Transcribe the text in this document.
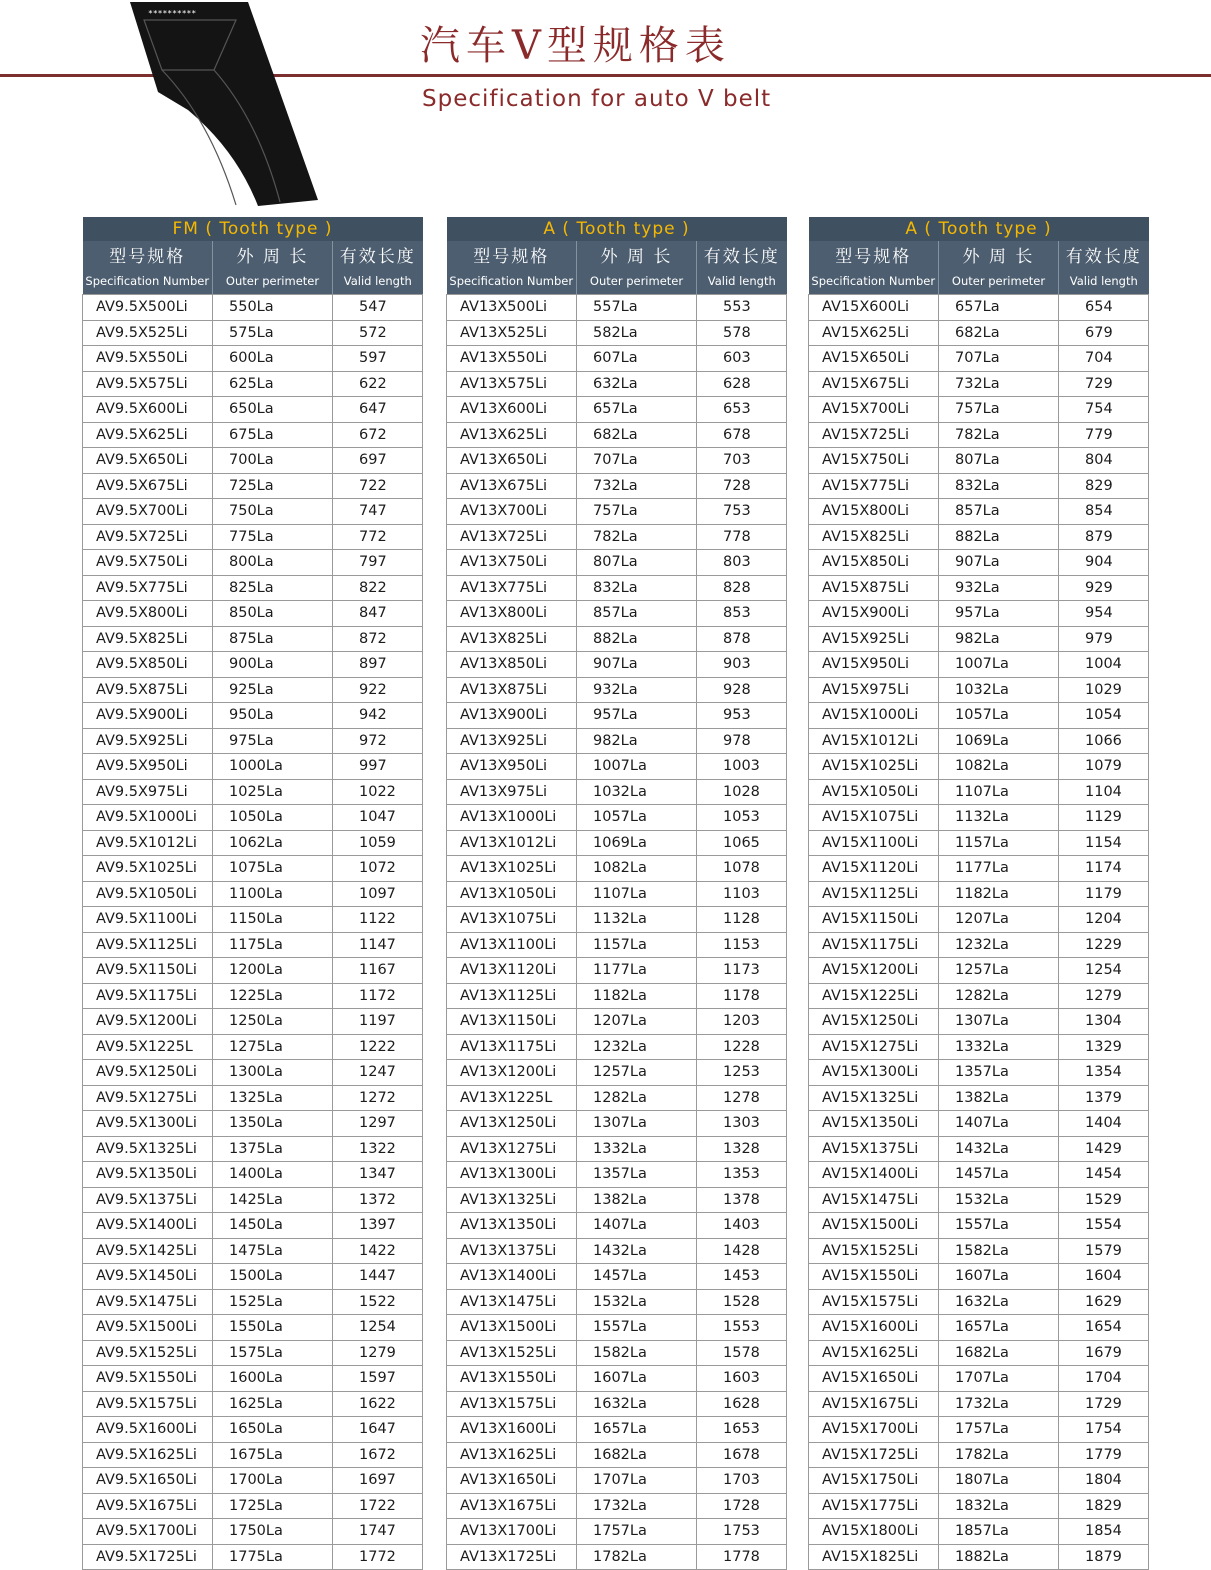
**********
汽车V型规格表
Specification for auto V belt
FM ( Tooth type )		
型号规格	外 周 长	有效长度
Specification Number	Outer perimeter	Valid length
AV9.5X500Li	550La	547
AV9.5X525Li	575La	572
AV9.5X550Li	600La	597
AV9.5X575Li	625La	622
AV9.5X600Li	650La	647
AV9.5X625Li	675La	672
AV9.5X650Li	700La	697
AV9.5X675Li	725La	722
AV9.5X700Li	750La	747
AV9.5X725Li	775La	772
AV9.5X750Li	800La	797
AV9.5X775Li	825La	822
AV9.5X800Li	850La	847
AV9.5X825Li	875La	872
AV9.5X850Li	900La	897
AV9.5X875Li	925La	922
AV9.5X900Li	950La	942
AV9.5X925Li	975La	972
AV9.5X950Li	1000La	997
AV9.5X975Li	1025La	1022
AV9.5X1000Li	1050La	1047
AV9.5X1012Li	1062La	1059
AV9.5X1025Li	1075La	1072
AV9.5X1050Li	1100La	1097
AV9.5X1100Li	1150La	1122
AV9.5X1125Li	1175La	1147
AV9.5X1150Li	1200La	1167
AV9.5X1175Li	1225La	1172
AV9.5X1200Li	1250La	1197
AV9.5X1225L	1275La	1222
AV9.5X1250Li	1300La	1247
AV9.5X1275Li	1325La	1272
AV9.5X1300Li	1350La	1297
AV9.5X1325Li	1375La	1322
AV9.5X1350Li	1400La	1347
AV9.5X1375Li	1425La	1372
AV9.5X1400Li	1450La	1397
AV9.5X1425Li	1475La	1422
AV9.5X1450Li	1500La	1447
AV9.5X1475Li	1525La	1522
AV9.5X1500Li	1550La	1254
AV9.5X1525Li	1575La	1279
AV9.5X1550Li	1600La	1597
AV9.5X1575Li	1625La	1622
AV9.5X1600Li	1650La	1647
AV9.5X1625Li	1675La	1672
AV9.5X1650Li	1700La	1697
AV9.5X1675Li	1725La	1722
AV9.5X1700Li	1750La	1747
AV9.5X1725Li	1775La	1772
A ( Tooth type )		
型号规格	外 周 长	有效长度
Specification Number	Outer perimeter	Valid length
AV13X500Li	557La	553
AV13X525Li	582La	578
AV13X550Li	607La	603
AV13X575Li	632La	628
AV13X600Li	657La	653
AV13X625Li	682La	678
AV13X650Li	707La	703
AV13X675Li	732La	728
AV13X700Li	757La	753
AV13X725Li	782La	778
AV13X750Li	807La	803
AV13X775Li	832La	828
AV13X800Li	857La	853
AV13X825Li	882La	878
AV13X850Li	907La	903
AV13X875Li	932La	928
AV13X900Li	957La	953
AV13X925Li	982La	978
AV13X950Li	1007La	1003
AV13X975Li	1032La	1028
AV13X1000Li	1057La	1053
AV13X1012Li	1069La	1065
AV13X1025Li	1082La	1078
AV13X1050Li	1107La	1103
AV13X1075Li	1132La	1128
AV13X1100Li	1157La	1153
AV13X1120Li	1177La	1173
AV13X1125Li	1182La	1178
AV13X1150Li	1207La	1203
AV13X1175Li	1232La	1228
AV13X1200Li	1257La	1253
AV13X1225L	1282La	1278
AV13X1250Li	1307La	1303
AV13X1275Li	1332La	1328
AV13X1300Li	1357La	1353
AV13X1325Li	1382La	1378
AV13X1350Li	1407La	1403
AV13X1375Li	1432La	1428
AV13X1400Li	1457La	1453
AV13X1475Li	1532La	1528
AV13X1500Li	1557La	1553
AV13X1525Li	1582La	1578
AV13X1550Li	1607La	1603
AV13X1575Li	1632La	1628
AV13X1600Li	1657La	1653
AV13X1625Li	1682La	1678
AV13X1650Li	1707La	1703
AV13X1675Li	1732La	1728
AV13X1700Li	1757La	1753
AV13X1725Li	1782La	1778
A ( Tooth type )		
型号规格	外 周 长	有效长度
Specification Number	Outer perimeter	Valid length
AV15X600Li	657La	654
AV15X625Li	682La	679
AV15X650Li	707La	704
AV15X675Li	732La	729
AV15X700Li	757La	754
AV15X725Li	782La	779
AV15X750Li	807La	804
AV15X775Li	832La	829
AV15X800Li	857La	854
AV15X825Li	882La	879
AV15X850Li	907La	904
AV15X875Li	932La	929
AV15X900Li	957La	954
AV15X925Li	982La	979
AV15X950Li	1007La	1004
AV15X975Li	1032La	1029
AV15X1000Li	1057La	1054
AV15X1012Li	1069La	1066
AV15X1025Li	1082La	1079
AV15X1050Li	1107La	1104
AV15X1075Li	1132La	1129
AV15X1100Li	1157La	1154
AV15X1120Li	1177La	1174
AV15X1125Li	1182La	1179
AV15X1150Li	1207La	1204
AV15X1175Li	1232La	1229
AV15X1200Li	1257La	1254
AV15X1225Li	1282La	1279
AV15X1250Li	1307La	1304
AV15X1275Li	1332La	1329
AV15X1300Li	1357La	1354
AV15X1325Li	1382La	1379
AV15X1350Li	1407La	1404
AV15X1375Li	1432La	1429
AV15X1400Li	1457La	1454
AV15X1475Li	1532La	1529
AV15X1500Li	1557La	1554
AV15X1525Li	1582La	1579
AV15X1550Li	1607La	1604
AV15X1575Li	1632La	1629
AV15X1600Li	1657La	1654
AV15X1625Li	1682La	1679
AV15X1650Li	1707La	1704
AV15X1675Li	1732La	1729
AV15X1700Li	1757La	1754
AV15X1725Li	1782La	1779
AV15X1750Li	1807La	1804
AV15X1775Li	1832La	1829
AV15X1800Li	1857La	1854
AV15X1825Li	1882La	1879
